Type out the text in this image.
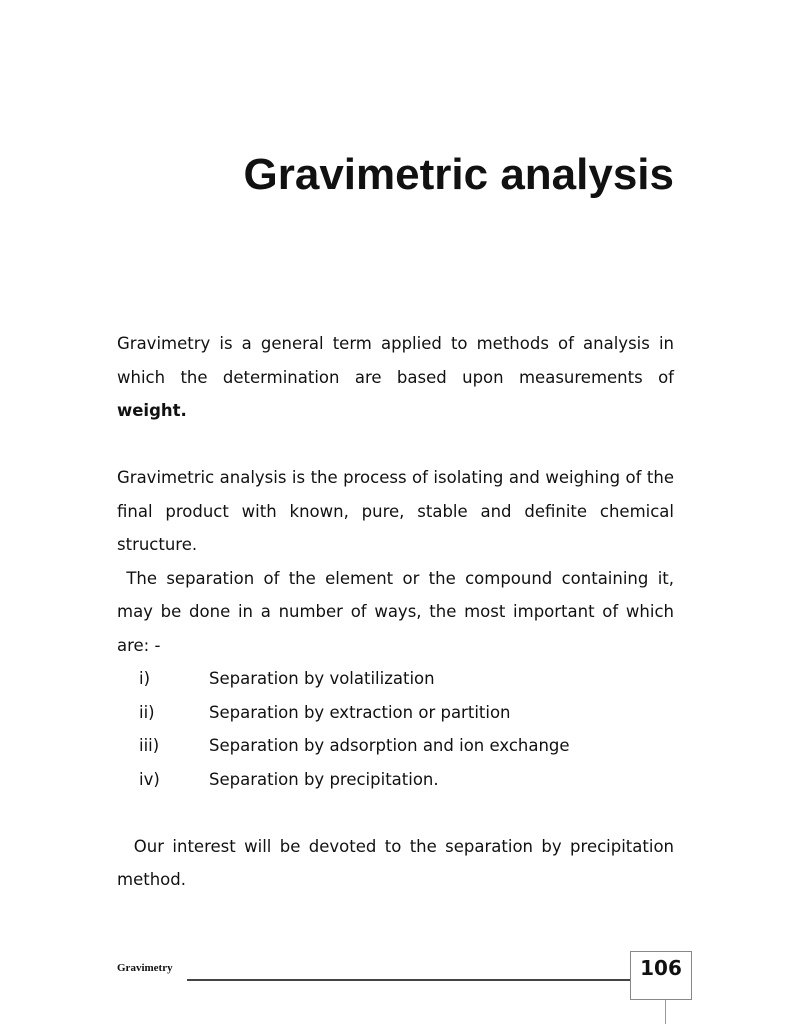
Gravimetric analysis

Gravimetry is a general term applied to methods of analysis in which the determination are based upon measurements of weight.

Gravimetric analysis is the process of isolating and weighing of the final product with known, pure, stable and definite chemical structure.

The separation of the element or the compound containing it, may be done in a number of ways, the most important of which are: -

i)	Separation by volatilization
ii)	Separation by extraction or partition
iii)	Separation by adsorption and ion exchange
iv)	Separation by precipitation.

Our interest will be devoted to the separation by precipitation method.

Gravimetry	106
